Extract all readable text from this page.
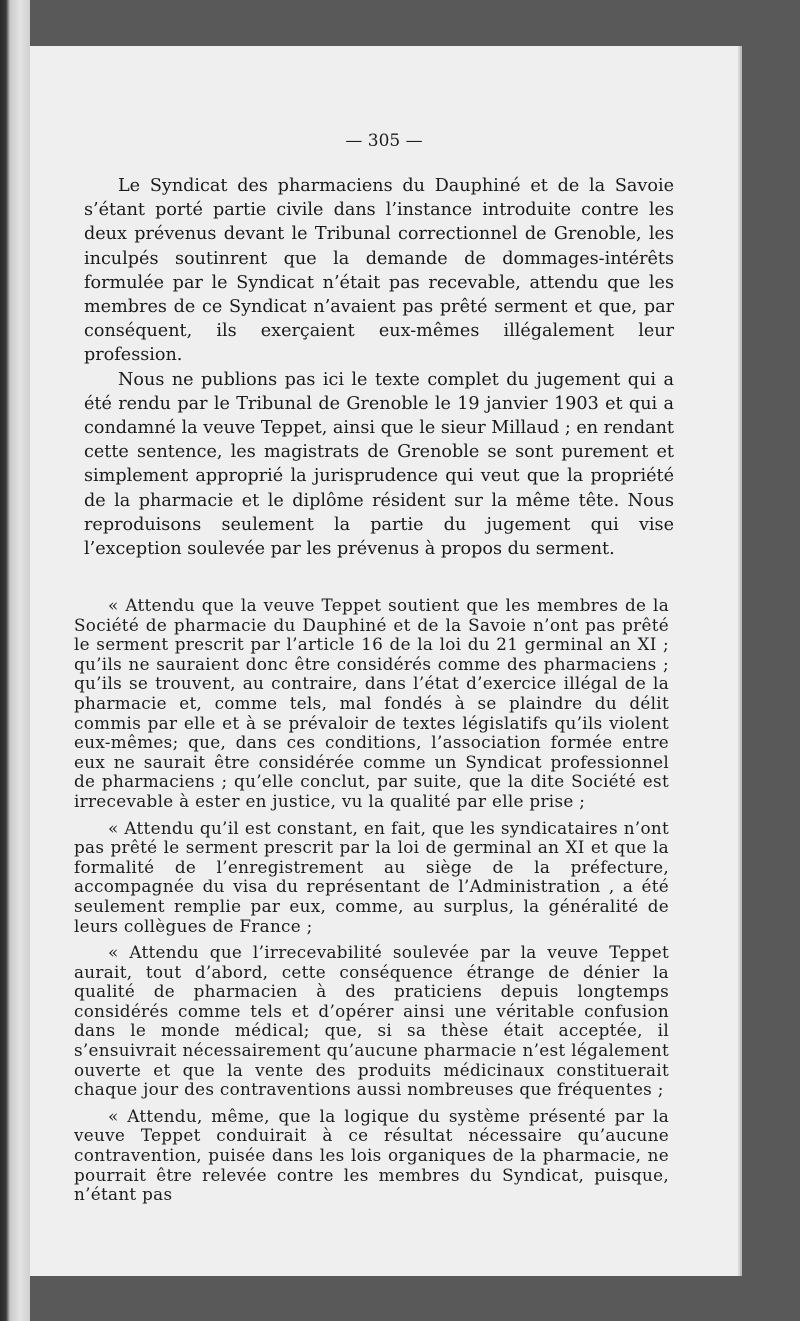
— 305 —

Le Syndicat des pharmaciens du Dauphiné et de la Savoie s’étant porté partie civile dans l’instance introduite contre les deux prévenus devant le Tribunal correctionnel de Grenoble, les inculpés soutinrent que la demande de dommages-intérêts formulée par le Syndicat n’était pas recevable, attendu que les membres de ce Syndicat n’avaient pas prêté serment et que, par conséquent, ils exerçaient eux-mêmes illégalement leur profession.

Nous ne publions pas ici le texte complet du jugement qui a été rendu par le Tribunal de Grenoble le 19 janvier 1903 et qui a condamné la veuve Teppet, ainsi que le sieur Millaud ; en rendant cette sentence, les magistrats de Grenoble se sont purement et simplement approprié la jurisprudence qui veut que la propriété de la pharmacie et le diplôme résident sur la même tête. Nous reproduisons seulement la partie du jugement qui vise l’exception soulevée par les prévenus à propos du serment.

« Attendu que la veuve Teppet soutient que les membres de la Société de pharmacie du Dauphiné et de la Savoie n’ont pas prêté le serment prescrit par l’article 16 de la loi du 21 germinal an XI ; qu’ils ne sauraient donc être considérés comme des pharmaciens ; qu’ils se trouvent, au contraire, dans l’état d’exercice illégal de la pharmacie et, comme tels, mal fondés à se plaindre du délit commis par elle et à se prévaloir de textes législatifs qu’ils violent eux-mêmes; que, dans ces conditions, l’association formée entre eux ne saurait être considérée comme un Syndicat professionnel de pharmaciens ; qu’elle conclut, par suite, que la dite Société est irrecevable à ester en justice, vu la qualité par elle prise ;

« Attendu qu’il est constant, en fait, que les syndicataires n’ont pas prêté le serment prescrit par la loi de germinal an XI et que la formalité de l’enregistrement au siège de la préfecture, accompagnée du visa du représentant de l’Administration , a été seulement remplie par eux, comme, au surplus, la généralité de leurs collègues de France ;

« Attendu que l’irrecevabilité soulevée par la veuve Teppet aurait, tout d’abord, cette conséquence étrange de dénier la qualité de pharmacien à des praticiens depuis longtemps considérés comme tels et d’opérer ainsi une véritable confusion dans le monde médical; que, si sa thèse était acceptée, il s’ensuivrait nécessairement qu’aucune pharmacie n’est légalement ouverte et que la vente des produits médicinaux constituerait chaque jour des contraventions aussi nombreuses que fréquentes ;

« Attendu, même, que la logique du système présenté par la veuve Teppet conduirait à ce résultat nécessaire qu’aucune contravention, puisée dans les lois organiques de la pharmacie, ne pourrait être relevée contre les membres du Syndicat, puisque, n’étant pas
